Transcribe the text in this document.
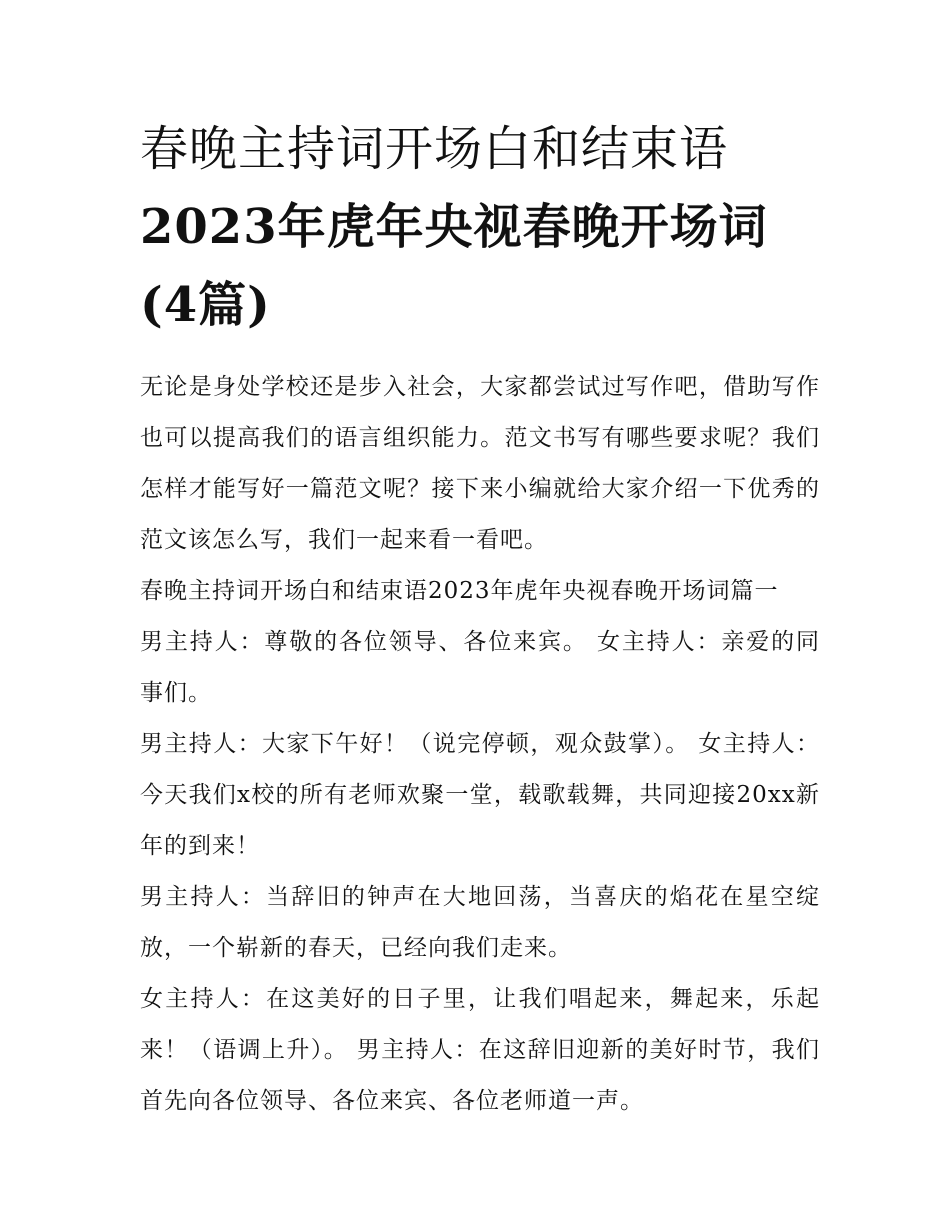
春晚主持词开场白和结束语
2023年虎年央视春晚开场词(4篇)

无论是身处学校还是步入社会，大家都尝试过写作吧，借助写作也可以提高我们的语言组织能力。范文书写有哪些要求呢？我们怎样才能写好一篇范文呢？接下来小编就给大家介绍一下优秀的范文该怎么写，我们一起来看一看吧。

春晚主持词开场白和结束语2023年虎年央视春晚开场词篇一

男主持人：尊敬的各位领导、各位来宾。 女主持人：亲爱的同事们。

男主持人：大家下午好！（说完停顿，观众鼓掌）。 女主持人：今天我们x校的所有老师欢聚一堂，载歌载舞，共同迎接20xx新年的到来！

男主持人：当辞旧的钟声在大地回荡，当喜庆的焰花在星空绽放，一个崭新的春天，已经向我们走来。

女主持人：在这美好的日子里，让我们唱起来，舞起来，乐起来！（语调上升）。 男主持人：在这辞旧迎新的美好时节，我们首先向各位领导、各位来宾、各位老师道一声。
